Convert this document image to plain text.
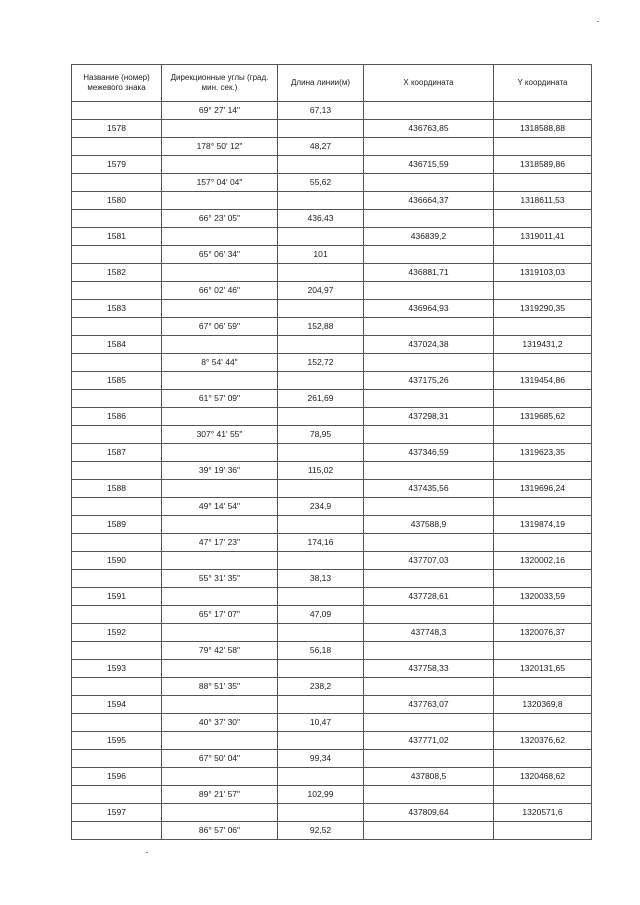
Название (номер) межевого знака	Дирекционные углы (град. мин. сек.)	Длина линии(м)	X координата	Y координата
	69° 27' 14"	67,13		
1578			436763,85	1318588,88
	178° 50' 12"	48,27		
1579			436715,59	1318589,86
	157° 04' 04"	55,62		
1580			436664,37	1318611,53
	66° 23' 05"	436,43		
1581			436839,2	1319011,41
	65° 06' 34"	101		
1582			436881,71	1319103,03
	66° 02' 46"	204,97		
1583			436964,93	1319290,35
	67° 06' 59"	152,88		
1584			437024,38	1319431,2
	8° 54' 44"	152,72		
1585			437175,26	1319454,86
	61° 57' 09"	261,69		
1586			437298,31	1319685,62
	307° 41' 55"	78,95		
1587			437346,59	1319623,35
	39° 19' 36"	115,02		
1588			437435,56	1319696,24
	49° 14' 54"	234,9		
1589			437588,9	1319874,19
	47° 17' 23"	174,16		
1590			437707,03	1320002,16
	55° 31' 35"	38,13		
1591			437728,61	1320033,59
	65° 17' 07"	47,09		
1592			437748,3	1320076,37
	79° 42' 58"	56,18		
1593			437758,33	1320131,65
	88° 51' 35"	238,2		
1594			437763,07	1320369,8
	40° 37' 30"	10,47		
1595			437771,02	1320376,62
	67° 50' 04"	99,34		
1596			437808,5	1320468,62
	89° 21' 57"	102,99		
1597			437809,64	1320571,6
	86° 57' 06"	92,52		
